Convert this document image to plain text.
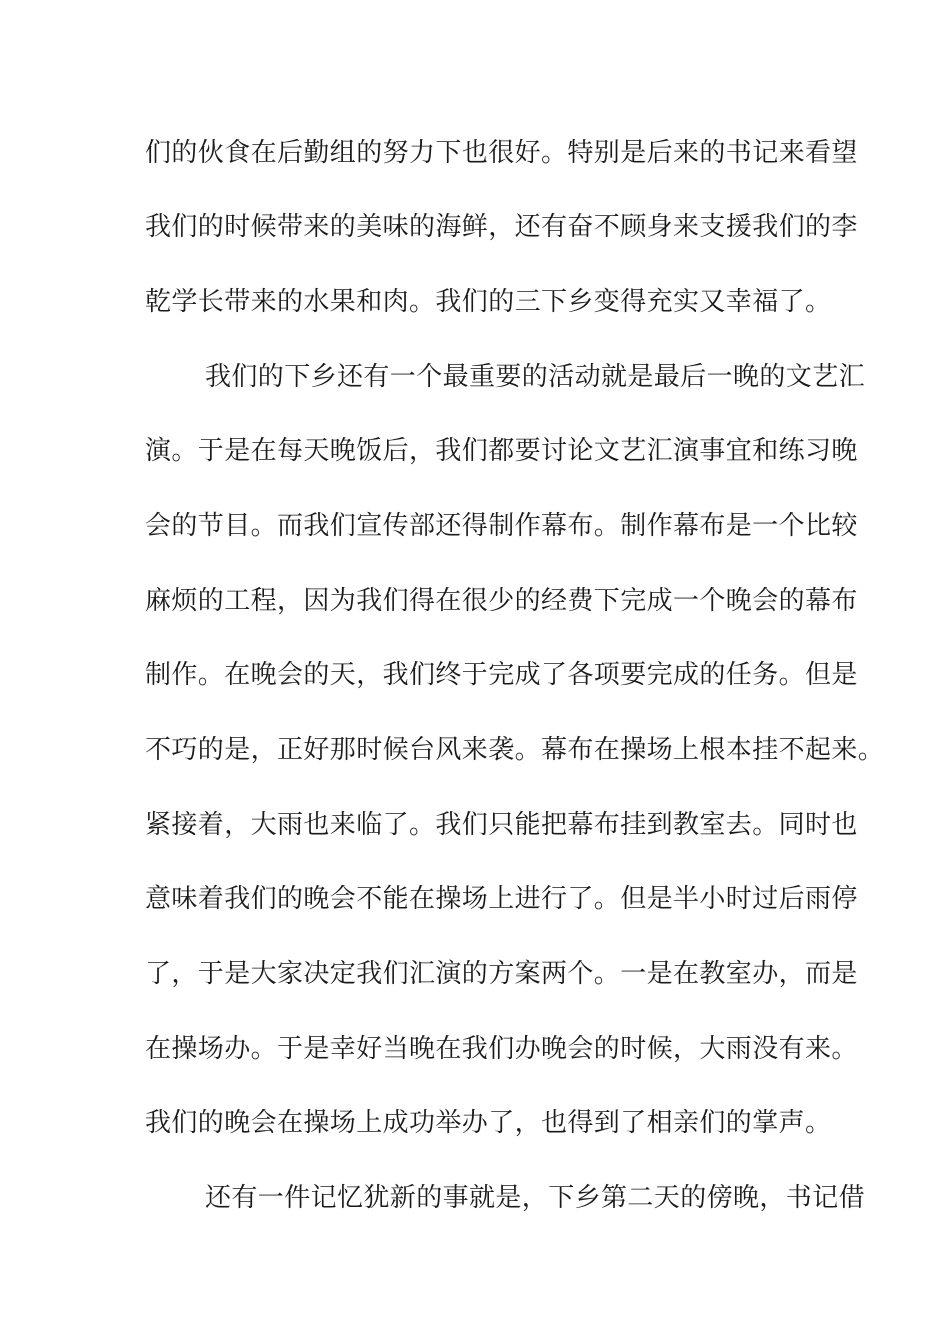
们的伙食在后勤组的努力下也很好。特别是后来的书记来看望
我们的时候带来的美味的海鲜，还有奋不顾身来支援我们的李
乾学长带来的水果和肉。我们的三下乡变得充实又幸福了。
我们的下乡还有一个最重要的活动就是最后一晚的文艺汇
演。于是在每天晚饭后，我们都要讨论文艺汇演事宜和练习晚
会的节目。而我们宣传部还得制作幕布。制作幕布是一个比较
麻烦的工程，因为我们得在很少的经费下完成一个晚会的幕布
制作。在晚会的天，我们终于完成了各项要完成的任务。但是
不巧的是，正好那时候台风来袭。幕布在操场上根本挂不起来。
紧接着，大雨也来临了。我们只能把幕布挂到教室去。同时也
意味着我们的晚会不能在操场上进行了。但是半小时过后雨停
了，于是大家决定我们汇演的方案两个。一是在教室办，而是
在操场办。于是幸好当晚在我们办晚会的时候，大雨没有来。
我们的晚会在操场上成功举办了，也得到了相亲们的掌声。
还有一件记忆犹新的事就是，下乡第二天的傍晚，书记借
